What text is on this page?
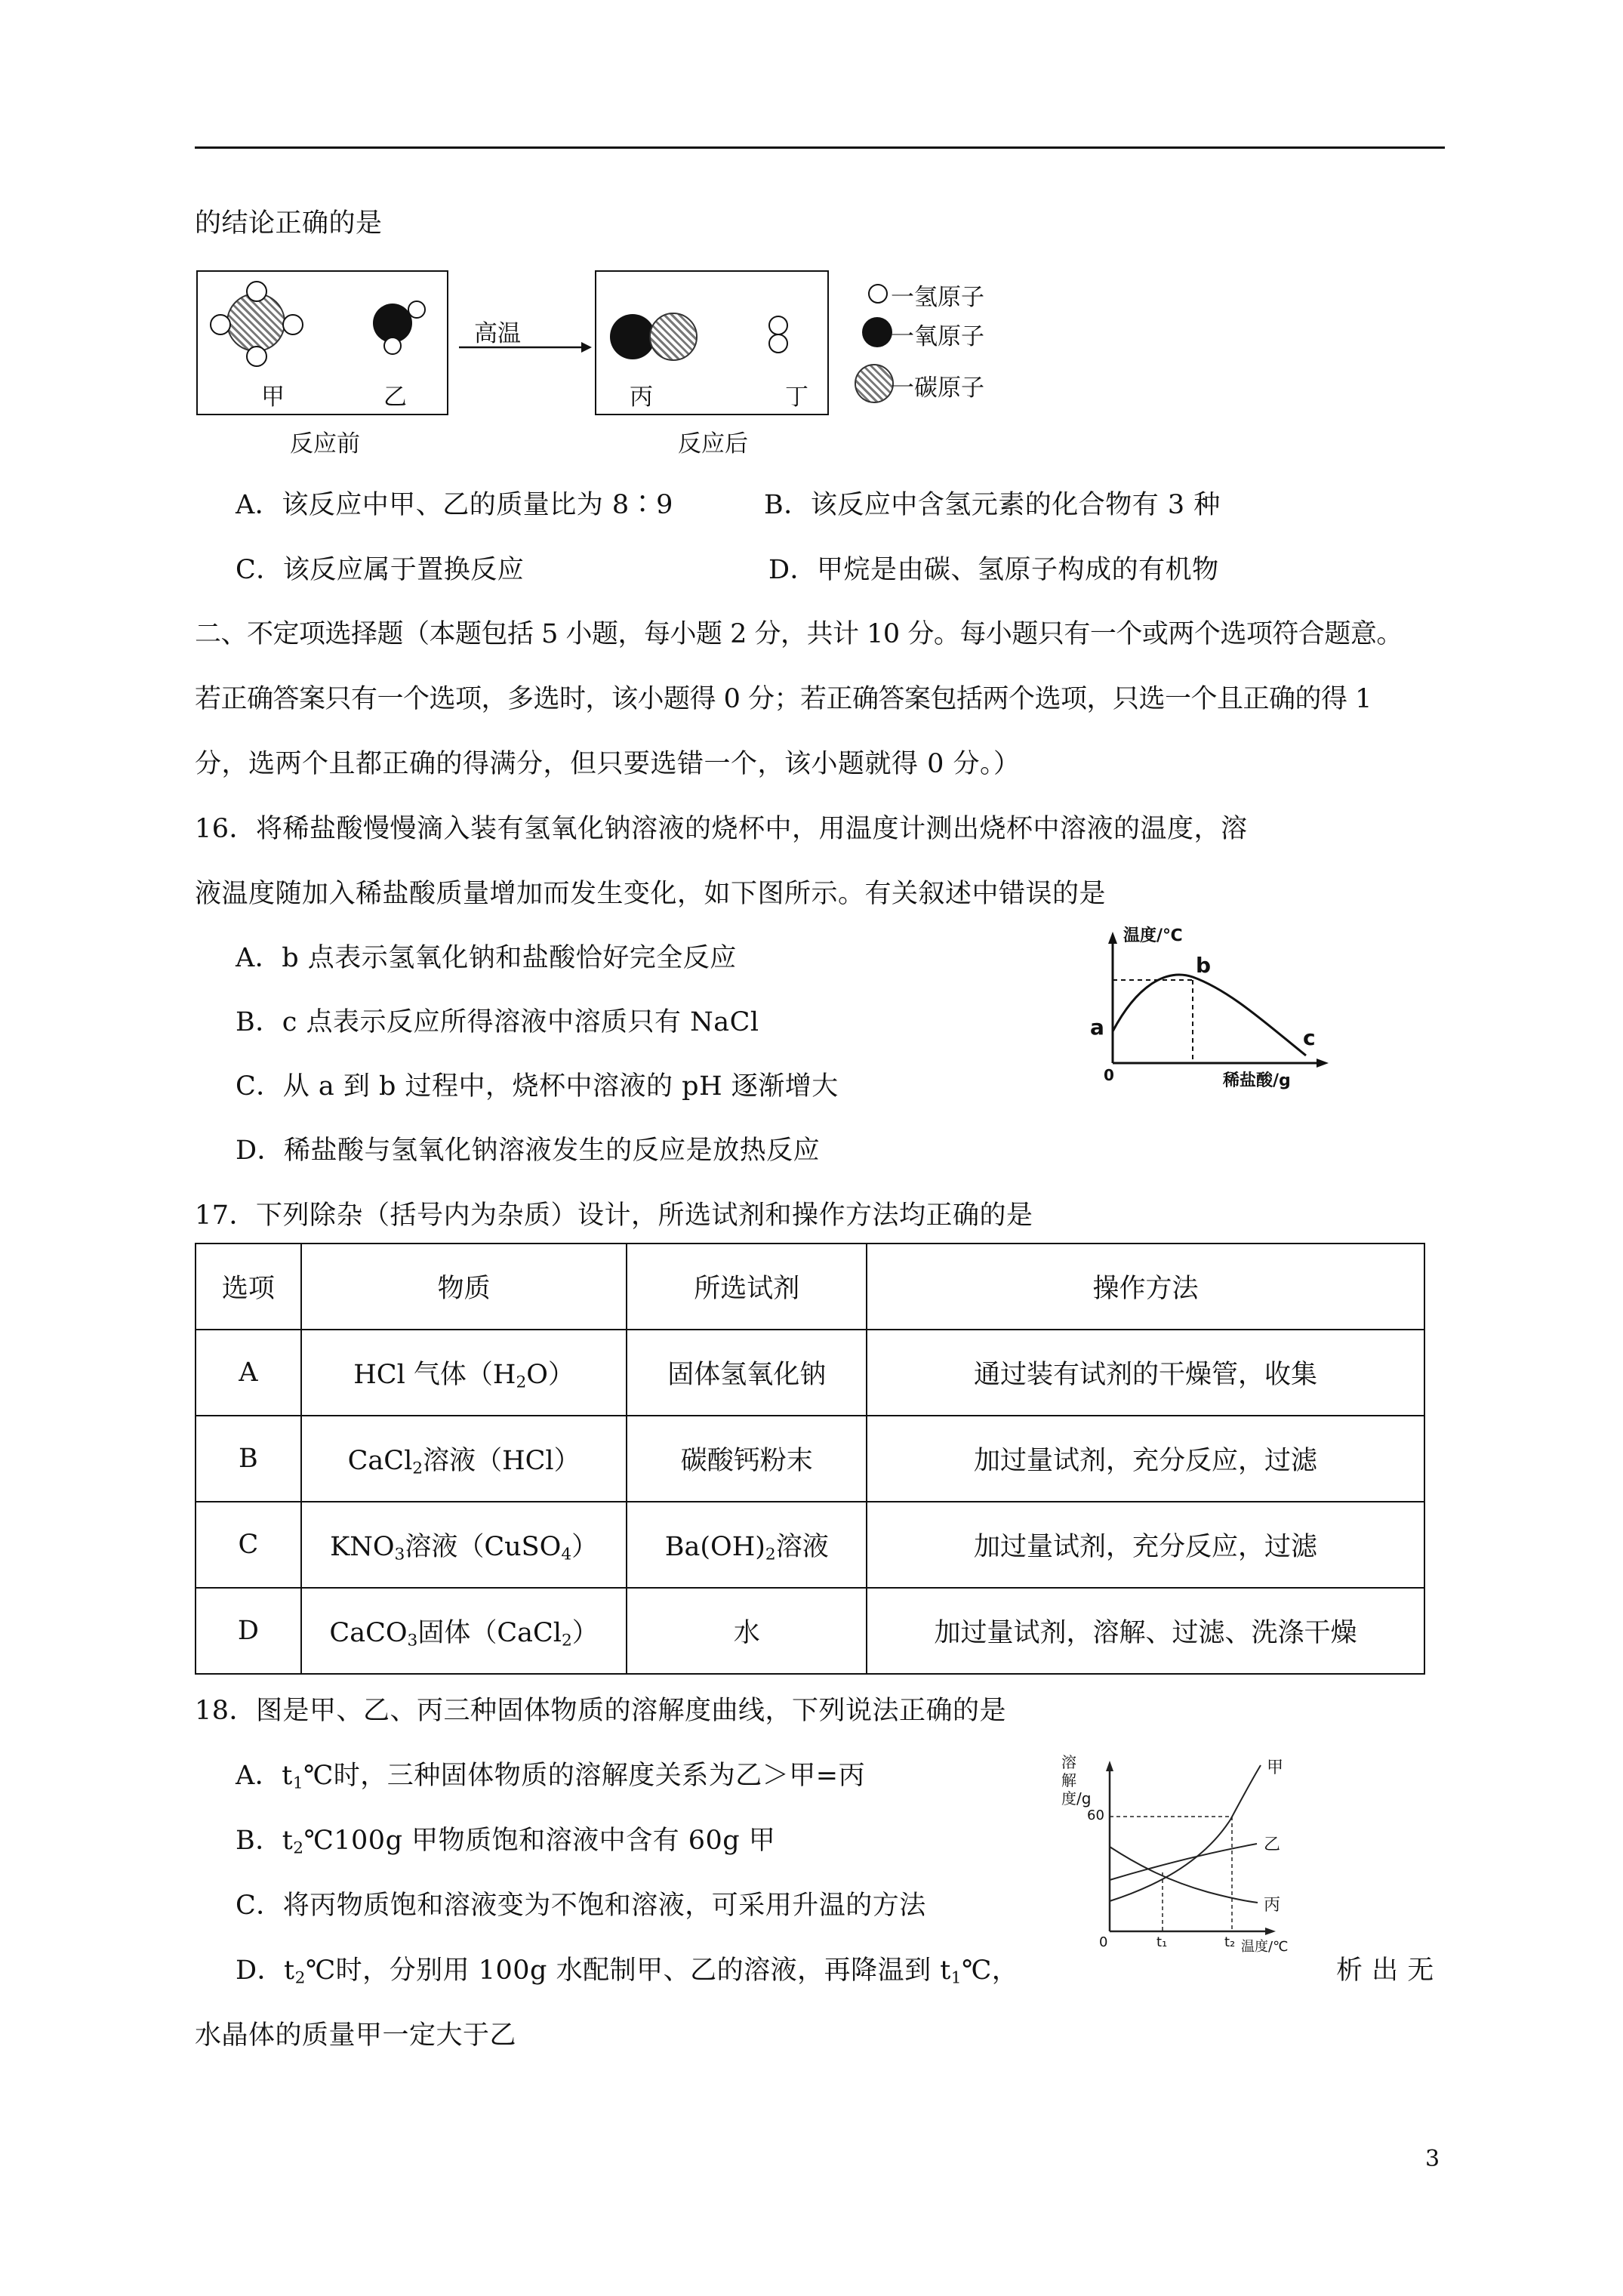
的结论正确的是
甲	乙
反应前
高温
丙	丁
反应后
一氢原子
一氧原子
一碳原子
A．该反应中甲、乙的质量比为 8∶9	B．该反应中含氢元素的化合物有 3 种
C．该反应属于置换反应	D．甲烷是由碳、氢原子构成的有机物
二、不定项选择题（本题包括 5 小题，每小题 2 分，共计 10 分。每小题只有一个或两个选项符合题意。
若正确答案只有一个选项，多选时，该小题得 0 分；若正确答案包括两个选项，只选一个且正确的得 1
分，选两个且都正确的得满分，但只要选错一个，该小题就得 0 分。）
16．将稀盐酸慢慢滴入装有氢氧化钠溶液的烧杯中，用温度计测出烧杯中溶液的温度，溶
液温度随加入稀盐酸质量增加而发生变化，如下图所示。有关叙述中错误的是
A．b 点表示氢氧化钠和盐酸恰好完全反应
B．c 点表示反应所得溶液中溶质只有 NaCl
C．从 a 到 b 过程中，烧杯中溶液的 pH 逐渐增大
D．稀盐酸与氢氧化钠溶液发生的反应是放热反应
温度/℃
b
a	c
0	稀盐酸/g
17．下列除杂（括号内为杂质）设计，所选试剂和操作方法均正确的是
选项	物质	所选试剂	操作方法
A	HCl 气体$(H_2O)$	固体氢氧化钠	通过装有试剂的干燥管，收集
B	CaCl$_2$溶液（HCl）	碳酸钙粉末	加过量试剂，充分反应，过滤
C	$KNO_3$溶液（CuSO$_4$）	$Ba(OH)_2$溶液	加过量试剂，充分反应，过滤
D	CaCO$_3$固体（CaCl$_2$）	水	加过量试剂，溶解、过滤、洗涤干燥
18．图是甲、乙、丙三种固体物质的溶解度曲线，下列说法正确的是
A．$t_1℃$时，三种固体物质的溶解度关系为乙＞甲=丙
B．$t_2℃100g$ 甲物质饱和溶液中含有 60g 甲
C．将丙物质饱和溶液变为不饱和溶液，可采用升温的方法
D．$t_2℃$时，分别用 100g 水配制甲、乙的溶液，再降温到 $t_1℃$，	析 出 无
水晶体的质量甲一定大于乙
溶解度/g
60
0	t₁	t₂ 温度/℃
甲
乙
丙
3
